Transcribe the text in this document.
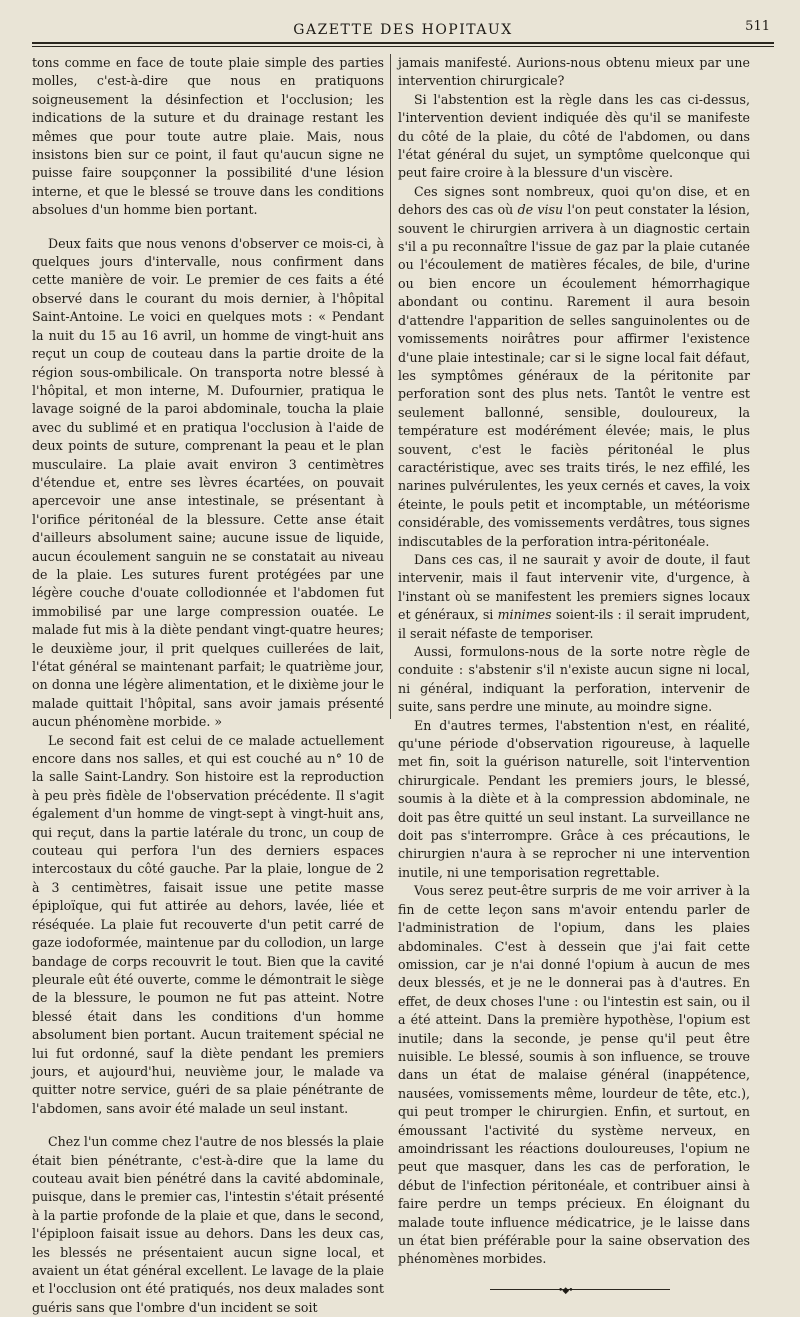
GAZETTE DES HOPITAUX	511

tons comme en face de toute plaie simple des parties molles, c'est-à-dire que nous en pratiquons soigneusement la désinfection et l'occlusion; les indications de la suture et du drainage restant les mêmes que pour toute autre plaie. Mais, nous insistons bien sur ce point, il faut qu'aucun signe ne puisse faire soupçonner la possibilité d'une lésion interne, et que le blessé se trouve dans les conditions absolues d'un homme bien portant.

Deux faits que nous venons d'observer ce mois-ci, à quelques jours d'intervalle, nous confirment dans cette manière de voir. Le premier de ces faits a été observé dans le courant du mois dernier, à l'hôpital Saint-Antoine. Le voici en quelques mots : « Pendant la nuit du 15 au 16 avril, un homme de vingt-huit ans reçut un coup de couteau dans la partie droite de la région sous-ombilicale. On transporta notre blessé à l'hôpital, et mon interne, M. Dufournier, pratiqua le lavage soigné de la paroi abdominale, toucha la plaie avec du sublimé et en pratiqua l'occlusion à l'aide de deux points de suture, comprenant la peau et le plan musculaire. La plaie avait environ 3 centimètres d'étendue et, entre ses lèvres écartées, on pouvait apercevoir une anse intestinale, se présentant à l'orifice péritonéal de la blessure. Cette anse était d'ailleurs absolument saine; aucune issue de liquide, aucun écoulement sanguin ne se constatait au niveau de la plaie. Les sutures furent protégées par une légère couche d'ouate collodionnée et l'abdomen fut immobilisé par une large compression ouatée. Le malade fut mis à la diète pendant vingt-quatre heures; le deuxième jour, il prit quelques cuillerées de lait, l'état général se maintenant parfait; le quatrième jour, on donna une légère alimentation, et le dixième jour le malade quittait l'hôpital, sans avoir jamais présenté aucun phénomène morbide. »

Le second fait est celui de ce malade actuellement encore dans nos salles, et qui est couché au n° 10 de la salle Saint-Landry. Son histoire est la reproduction à peu près fidèle de l'observation précédente. Il s'agit également d'un homme de vingt-sept à vingt-huit ans, qui reçut, dans la partie latérale du tronc, un coup de couteau qui perfora l'un des derniers espaces intercostaux du côté gauche. Par la plaie, longue de 2 à 3 centimètres, faisait issue une petite masse épiploïque, qui fut attirée au dehors, lavée, liée et réséquée. La plaie fut recouverte d'un petit carré de gaze iodoformée, maintenue par du collodion, un large bandage de corps recouvrit le tout. Bien que la cavité pleurale eût été ouverte, comme le démontrait le siège de la blessure, le poumon ne fut pas atteint. Notre blessé était dans les conditions d'un homme absolument bien portant. Aucun traitement spécial ne lui fut ordonné, sauf la diète pendant les premiers jours, et aujourd'hui, neuvième jour, le malade va quitter notre service, guéri de sa plaie pénétrante de l'abdomen, sans avoir été malade un seul instant.

Chez l'un comme chez l'autre de nos blessés la plaie était bien pénétrante, c'est-à-dire que la lame du couteau avait bien pénétré dans la cavité abdominale, puisque, dans le premier cas, l'intestin s'était présenté à la partie profonde de la plaie et que, dans le second, l'épiploon faisait issue au dehors. Dans les deux cas, les blessés ne présentaient aucun signe local, et avaient un état général excellent. Le lavage de la plaie et l'occlusion ont été pratiqués, nos deux malades sont guéris sans que l'ombre d'un incident se soit

jamais manifesté. Aurions-nous obtenu mieux par une intervention chirurgicale?

Si l'abstention est la règle dans les cas ci-dessus, l'intervention devient indiquée dès qu'il se manifeste du côté de la plaie, du côté de l'abdomen, ou dans l'état général du sujet, un symptôme quelconque qui peut faire croire à la blessure d'un viscère.

Ces signes sont nombreux, quoi qu'on dise, et en dehors des cas où de visu l'on peut constater la lésion, souvent le chirurgien arrivera à un diagnostic certain s'il a pu reconnaître l'issue de gaz par la plaie cutanée ou l'écoulement de matières fécales, de bile, d'urine ou bien encore un écoulement hémorrhagique abondant ou continu. Rarement il aura besoin d'attendre l'apparition de selles sanguinolentes ou de vomissements noirâtres pour affirmer l'existence d'une plaie intestinale; car si le signe local fait défaut, les symptômes généraux de la péritonite par perforation sont des plus nets. Tantôt le ventre est seulement ballonné, sensible, douloureux, la température est modérément élevée; mais, le plus souvent, c'est le faciès péritonéal le plus caractéristique, avec ses traits tirés, le nez effilé, les narines pulvérulentes, les yeux cernés et caves, la voix éteinte, le pouls petit et incomptable, un météorisme considérable, des vomissements verdâtres, tous signes indiscutables de la perforation intra-péritonéale.

Dans ces cas, il ne saurait y avoir de doute, il faut intervenir, mais il faut intervenir vite, d'urgence, à l'instant où se manifestent les premiers signes locaux et généraux, si minimes soient-ils : il serait imprudent, il serait néfaste de temporiser.

Aussi, formulons-nous de la sorte notre règle de conduite : s'abstenir s'il n'existe aucun signe ni local, ni général, indiquant la perforation, intervenir de suite, sans perdre une minute, au moindre signe.

En d'autres termes, l'abstention n'est, en réalité, qu'une période d'observation rigoureuse, à laquelle met fin, soit la guérison naturelle, soit l'intervention chirurgicale. Pendant les premiers jours, le blessé, soumis à la diète et à la compression abdominale, ne doit pas être quitté un seul instant. La surveillance ne doit pas s'interrompre. Grâce à ces précautions, le chirurgien n'aura à se reprocher ni une intervention inutile, ni une temporisation regrettable.

Vous serez peut-être surpris de me voir arriver à la fin de cette leçon sans m'avoir entendu parler de l'administration de l'opium, dans les plaies abdominales. C'est à dessein que j'ai fait cette omission, car je n'ai donné l'opium à aucun de mes deux blessés, et je ne le donnerai pas à d'autres. En effet, de deux choses l'une : ou l'intestin est sain, ou il a été atteint. Dans la première hypothèse, l'opium est inutile; dans la seconde, je pense qu'il peut être nuisible. Le blessé, soumis à son influence, se trouve dans un état de malaise général (inappétence, nausées, vomissements même, lourdeur de tête, etc.), qui peut tromper le chirurgien. Enfin, et surtout, en émoussant l'activité du système nerveux, en amoindrissant les réactions douloureuses, l'opium ne peut que masquer, dans les cas de perforation, le début de l'infection péritonéale, et contribuer ainsi à faire perdre un temps précieux. En éloignant du malade toute influence médicatrice, je le laisse dans un état bien préférable pour la saine observation des phénomènes morbides.

•◆•
